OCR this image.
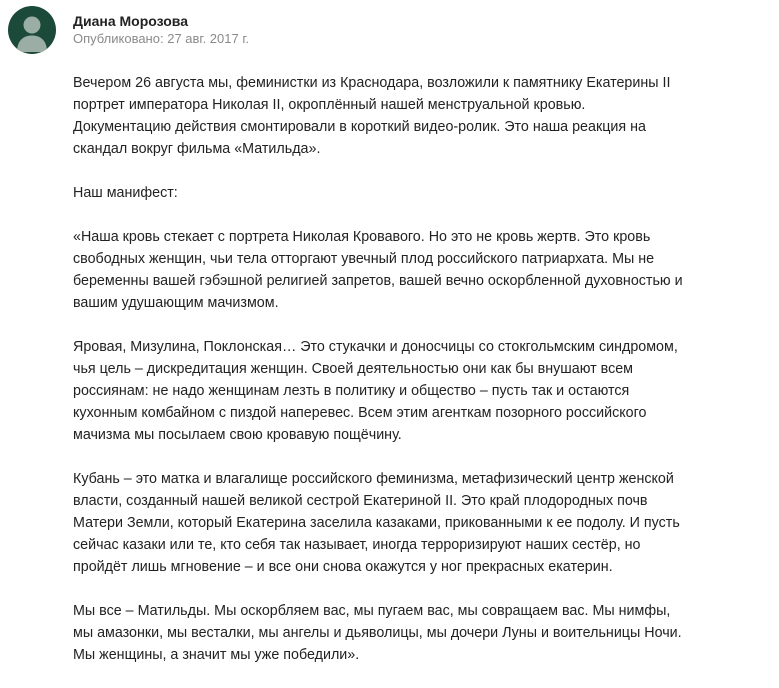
Диана Морозова
Опубликовано: 27 авг. 2017 г.

Вечером 26 августа мы, феминистки из Краснодара, возложили к памятнику Екатерины II
портрет императора Николая II, окроплённый нашей менструальной кровью.
Документацию действия смонтировали в короткий видео-ролик. Это наша реакция на
скандал вокруг фильма «Матильда».

Наш манифест:

«Наша кровь стекает с портрета Николая Кровавого. Но это не кровь жертв. Это кровь
свободных женщин, чьи тела отторгают увечный плод российского патриархата. Мы не
беременны вашей гэбэшной религией запретов, вашей вечно оскорбленной духовностью и
вашим удушающим мачизмом.

Яровая, Мизулина, Поклонская… Это стукачки и доносчицы со стокгольмским синдромом,
чья цель – дискредитация женщин. Своей деятельностью они как бы внушают всем
россиянам: не надо женщинам лезть в политику и общество – пусть так и остаются
кухонным комбайном с пиздой наперевес. Всем этим агенткам позорного российского
мачизма мы посылаем свою кровавую пощёчину.

Кубань – это матка и влагалище российского феминизма, метафизический центр женской
власти, созданный нашей великой сестрой Екатериной II. Это край плодородных почв
Матери Земли, который Екатерина заселила казаками, прикованными к ее подолу. И пусть
сейчас казаки или те, кто себя так называет, иногда терроризируют наших сестёр, но
пройдёт лишь мгновение – и все они снова окажутся у ног прекрасных екатерин.

Мы все – Матильды. Мы оскорбляем вас, мы пугаем вас, мы совращаем вас. Мы нимфы,
мы амазонки, мы весталки, мы ангелы и дьяволицы, мы дочери Луны и воительницы Ночи.
Мы женщины, а значит мы уже победили».
